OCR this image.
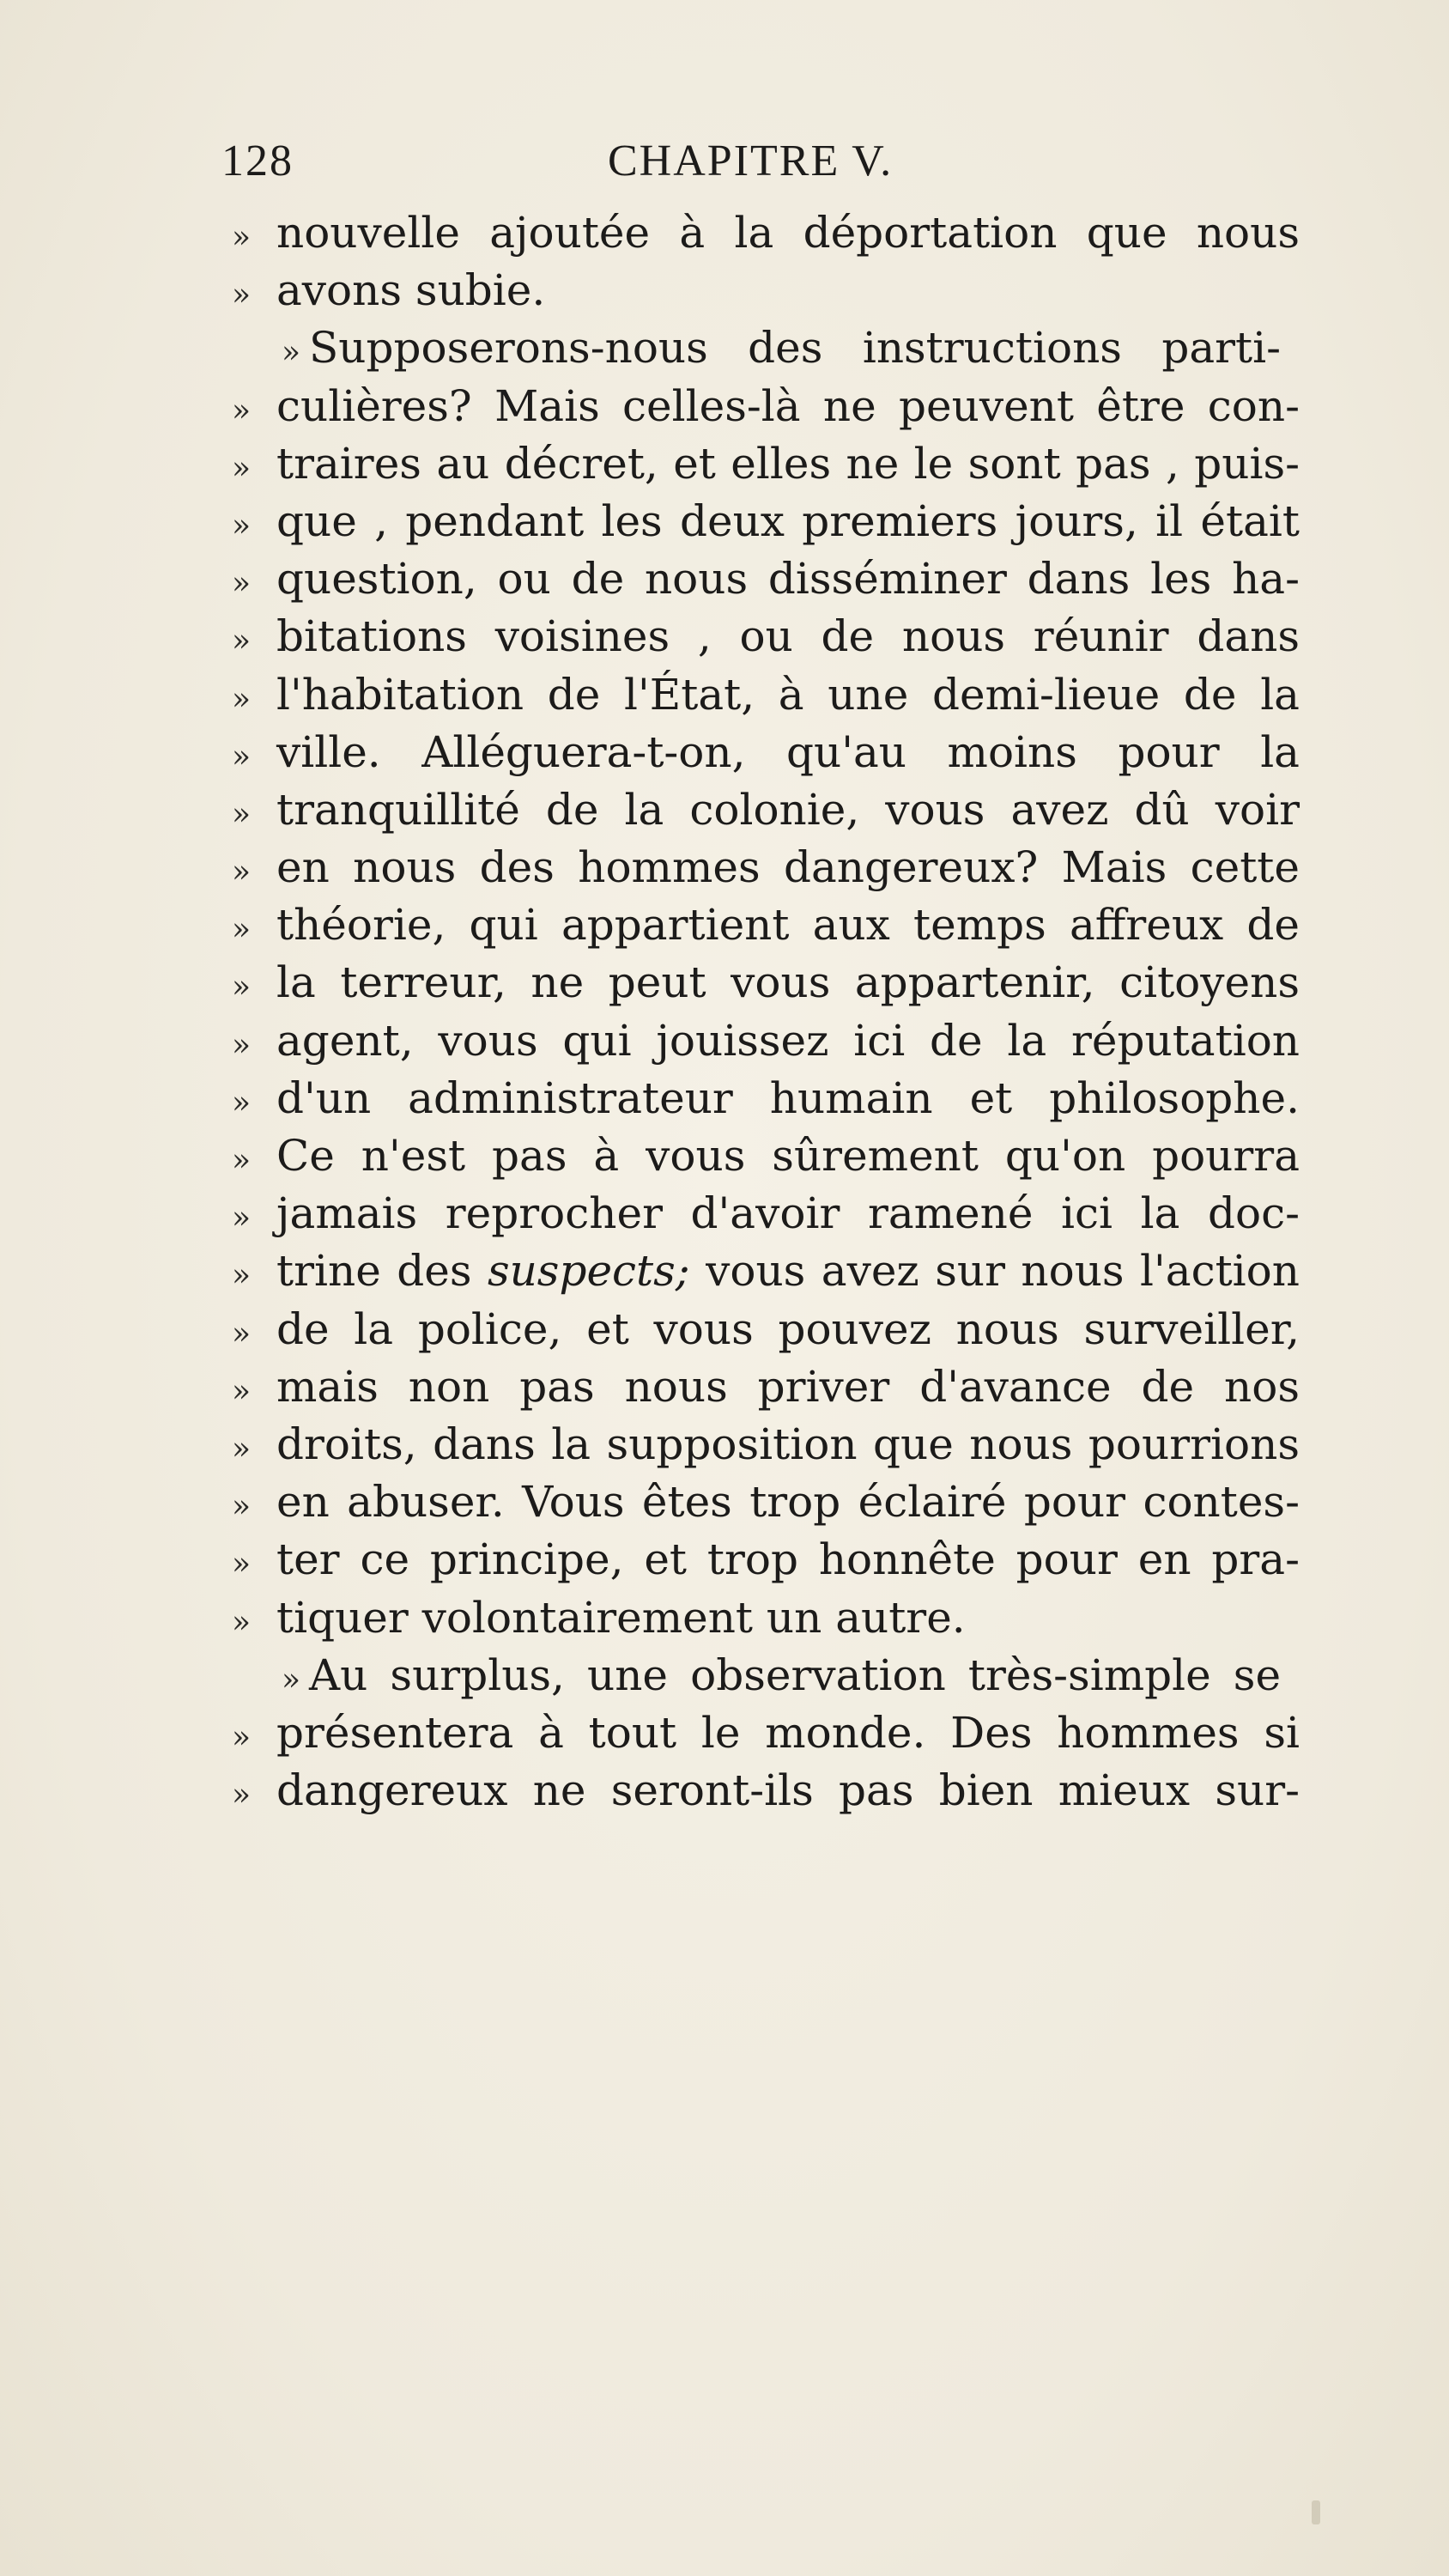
128	CHAPITRE V.
» nouvelle ajoutée à la déportation que nous
» avons subie.
» Supposerons-nous des instructions parti-
» culières? Mais celles-là ne peuvent être con-
» traires au décret, et elles ne le sont pas , puis-
» que , pendant les deux premiers jours, il était
» question, ou de nous disséminer dans les ha-
» bitations voisines , ou de nous réunir dans
» l'habitation de l'État, à une demi-lieue de la
» ville. Alléguera-t-on, qu'au moins pour la
» tranquillité de la colonie, vous avez dû voir
» en nous des hommes dangereux? Mais cette
» théorie, qui appartient aux temps affreux de
» la terreur, ne peut vous appartenir, citoyens
» agent, vous qui jouissez ici de la réputation
» d'un administrateur humain et philosophe.
» Ce n'est pas à vous sûrement qu'on pourra
» jamais reprocher d'avoir ramené ici la doc-
» trine des suspects; vous avez sur nous l'action
» de la police, et vous pouvez nous surveiller,
» mais non pas nous priver d'avance de nos
» droits, dans la supposition que nous pourrions
» en abuser. Vous êtes trop éclairé pour contes-
» ter ce principe, et trop honnête pour en pra-
» tiquer volontairement un autre.
» Au surplus, une observation très-simple se
» présentera à tout le monde. Des hommes si
» dangereux ne seront-ils pas bien mieux sur-
